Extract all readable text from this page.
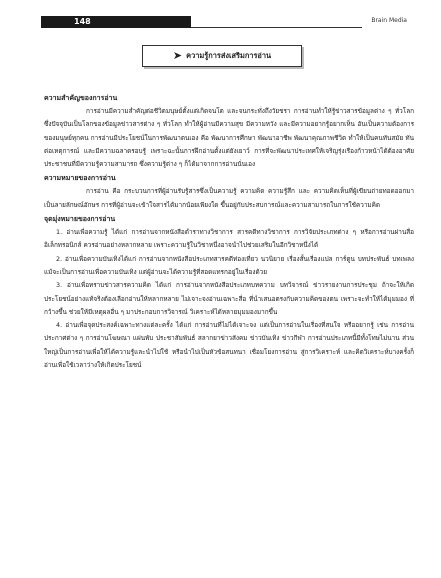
148	Brain Media
➤ ความรู้การส่งเสริมการอ่าน
ความสำคัญของการอ่าน

การอ่านมีความสำคัญต่อชีวิตมนุษย์ตั้งแต่เกิดจนโต และจนกระทั่งถึงวัยชรา การอ่านทำให้รู้ข่าวสารข้อมูลต่าง ๆ ทั่วโลก ซึ่งปัจจุบันเป็นโลกของข้อมูลข่าวสารต่าง ๆ ทั่วโลก ทำให้ผู้อ่านมีความสุข มีความหวัง และมีความอยากรู้อยากเห็น อันเป็นความต้องการของมนุษย์ทุกคน การอ่านมีประโยชน์ในการพัฒนาตนเอง คือ พัฒนาการศึกษา พัฒนาอาชีพ พัฒนาคุณภาพชีวิต ทำให้เป็นคนทันสมัย ทันต่อเหตุการณ์ และมีความฉลาดรอบรู้ เพราะฉะนั้นการฝึกอ่านตั้งแต่ยังเยาว์ การที่จะพัฒนาประเทศให้เจริญรุ่งเรืองก้าวหน้าได้ต้องอาศัยประชาชนที่มีความรู้ความสามารถ ซึ่งความรู้ต่าง ๆ ก็ได้มาจากการอ่านนั่นเอง

ความหมายของการอ่าน

การอ่าน คือ กระบวนการที่ผู้อ่านรับรู้สารซึ่งเป็นความรู้ ความคิด ความรู้สึก และ ความคิดเห็นที่ผู้เขียนถ่ายทอดออกมาเป็นลายลักษณ์อักษร การที่ผู้อ่านจะเข้าใจสารได้มากน้อยเพียงใด ขึ้นอยู่กับประสบการณ์และความสามารถในการใช้ความคิด

จุดมุ่งหมายของการอ่าน

1. อ่านเพื่อความรู้ ได้แก่ การอ่านจากหนังสือตำราทางวิชาการ สารคดีทางวิชาการ การวิจัยประเภทต่าง ๆ หรือการอ่านผ่านสื่ออิเล็กทรอนิกส์ ควรอ่านอย่างหลากหลาย เพราะความรู้ในวิชาหนึ่งอาจนำไปช่วยเสริมในอีกวิชาหนึ่งได้

2. อ่านเพื่อความบันเทิงได้แก่ การอ่านจากหนังสือประเภทสารคดีท่องเที่ยว นวนิยาย เรื่องสั้นเรื่องแปล การ์ตูน บทประพันธ์ บทเพลง แม้จะเป็นการอ่านเพื่อความบันเทิง แต่ผู้อ่านจะได้ความรู้ที่สอดแทรกอยู่ในเรื่องด้วย

3. อ่านเพื่อทราบข่าวสารความคิด ได้แก่ การอ่านจากหนังสือประเภทบทความ บทวิจารณ์ ข่าวรายงานการประชุม ถ้าจะให้เกิดประโยชน์อย่างแท้จริงต้องเลือกอ่านให้หลากหลาย ไม่เจาะจงอ่านเฉพาะสื่อ ที่นำเสนอตรงกับความคิดของตน เพราะจะทำให้ได้มุมมอง ที่กว้างขึ้น ช่วยให้มีเหตุผลอื่น ๆ มาประกอบการวิจารณ์ วิเคราะห์ได้หลายมุมมองมากขึ้น

4. อ่านเพื่อจุดประสงค์เฉพาะทางแต่ละครั้ง ได้แก่ การอ่านที่ไม่ได้เจาะจง แต่เป็นการอ่านในเรื่องที่สนใจ หรืออยากรู้ เช่น การอ่านประกาศต่าง ๆ การอ่านโฆษณา แผ่นพับ ประชาสัมพันธ์ สลากยาข่าวสังคม ข่าวบันเทิง ข่าวกีฬา การอ่านประเภทนี้มีทั้งโทษไม่นาน ส่วนใหญ่เป็นการอ่านเพื่อให้ได้ความรู้และนำไปใช้ หรือนำไปเป็นหัวข้อสนทนา เชื่อมโยงการอ่าน สู่การวิเคราะห์ และคิดวิเคราะห์บางครั้งก็อ่านเพื่อใช้เวลาว่างให้เกิดประโยชน์
